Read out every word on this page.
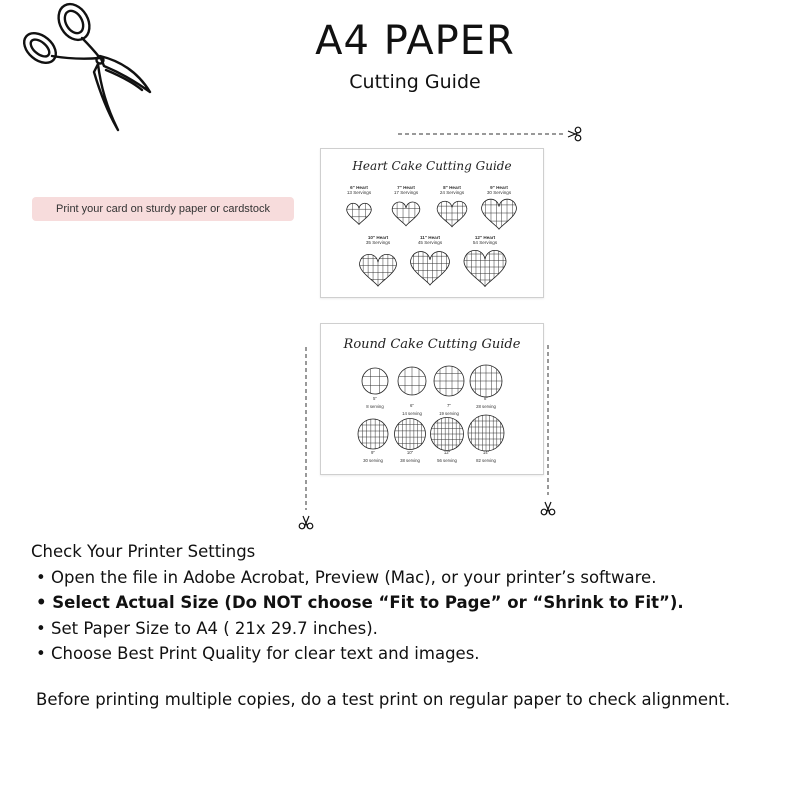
A4 PAPER
Cutting Guide
Print your card on sturdy paper or cardstock
Heart Cake Cutting Guide
6" Heart
13 Servings
7" Heart
17 Servings
8" Heart
24 Servings
9" Heart
30 Servings
10" Heart
35 Servings
11" Heart
45 Servings
12" Heart
54 Servings
Round Cake Cutting Guide
5"
8 serving	6"
14 serving
7"
19 serving
8"
28 serving
9"
30 serving
10"
38 serving
12"
56 serving
14"
82 serving
Check Your Printer Settings
• Open the file in Adobe Acrobat, Preview (Mac), or your printer’s software.
• Select Actual Size (Do NOT choose “Fit to Page” or “Shrink to Fit”).
• Set Paper Size to A4 ( 21x 29.7 inches).
• Choose Best Print Quality for clear text and images.
Before printing multiple copies, do a test print on regular paper to check alignment.
